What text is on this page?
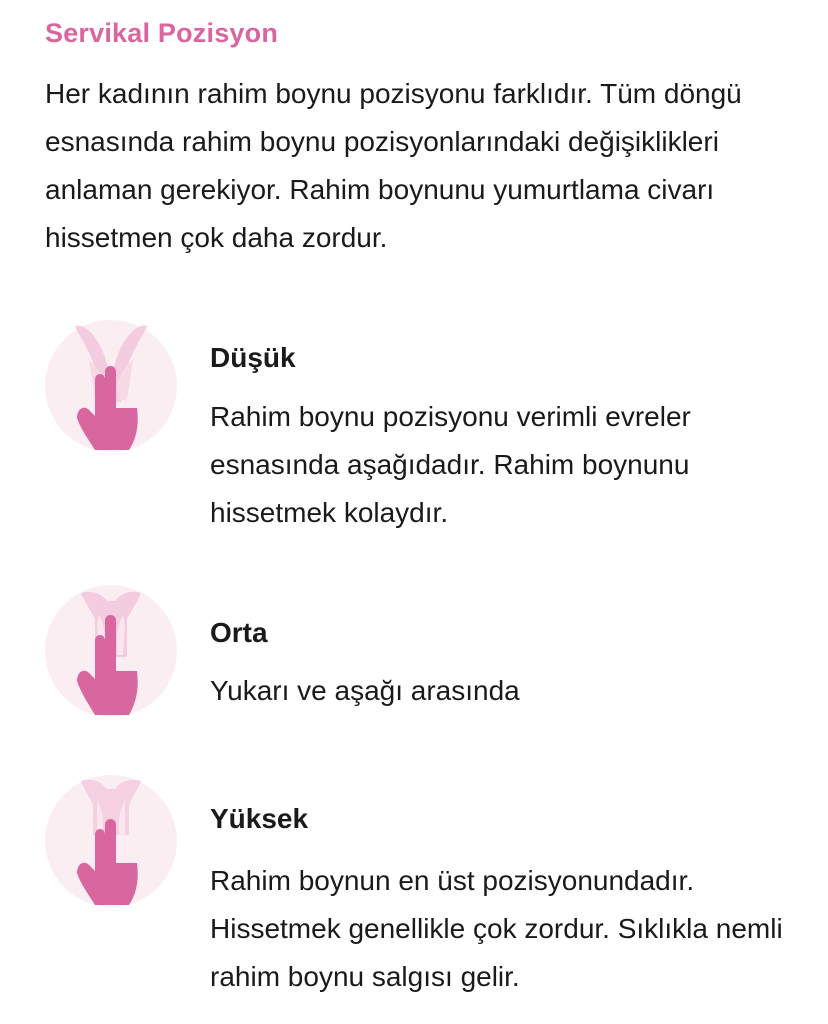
Servikal Pozisyon

Her kadının rahim boynu pozisyonu farklıdır. Tüm döngü esnasında rahim boynu pozisyonlarındaki değişiklikleri anlaman gerekiyor. Rahim boynunu yumurtlama civarı hissetmen çok daha zordur.

Düşük

Rahim boynu pozisyonu verimli evreler esnasında aşağıdadır. Rahim boynunu hissetmek kolaydır.

Orta

Yukarı ve aşağı arasında

Yüksek

Rahim boynun en üst pozisyonundadır. Hissetmek genellikle çok zordur. Sıklıkla nemli rahim boynu salgısı gelir.
